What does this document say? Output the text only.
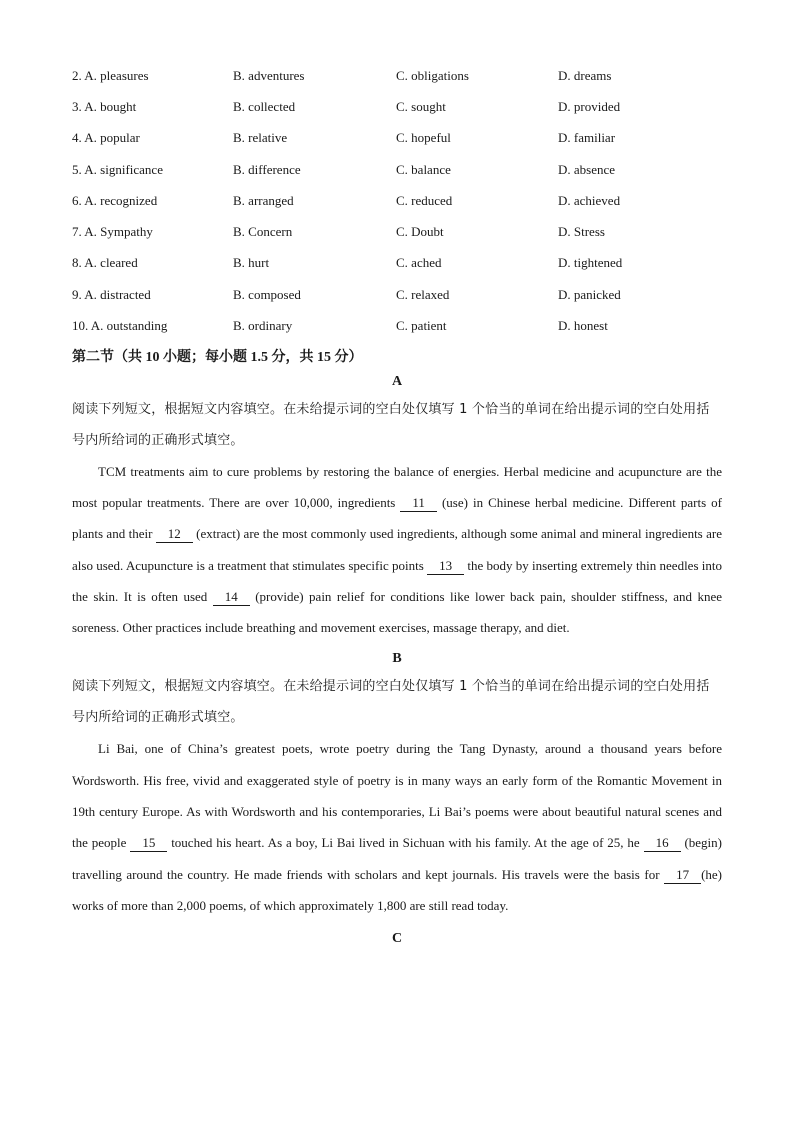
2. A. pleasures	B. adventures	C. obligations	D. dreams
3. A. bought	B. collected	C. sought	D. provided
4. A. popular	B. relative	C. hopeful	D. familiar
5. A. significance	B. difference	C. balance	D. absence
6. A. recognized	B. arranged	C. reduced	D. achieved
7. A. Sympathy	B. Concern	C. Doubt	D. Stress
8. A. cleared	B. hurt	C. ached	D. tightened
9. A. distracted	B. composed	C. relaxed	D. panicked
10. A. outstanding	B. ordinary	C. patient	D. honest
第二节（共 10 小题；每小题 1.5 分，共 15 分）
A
阅读下列短文，根据短文内容填空。在未给提示词的空白处仅填写 1 个恰当的单词在给出提示词的空白处用括号内所给词的正确形式填空。
TCM treatments aim to cure problems by restoring the balance of energies. Herbal medicine and acupuncture are the most popular treatments. There are over 10,000, ingredients 11 (use) in Chinese herbal medicine. Different parts of plants and their 12 (extract) are the most commonly used ingredients, although some animal and mineral ingredients are also used. Acupuncture is a treatment that stimulates specific points 13 the body by inserting extremely thin needles into the skin. It is often used 14 (provide) pain relief for conditions like lower back pain, shoulder stiffness, and knee soreness. Other practices include breathing and movement exercises, massage therapy, and diet.
B
阅读下列短文，根据短文内容填空。在未给提示词的空白处仅填写 1 个恰当的单词在给出提示词的空白处用括号内所给词的正确形式填空。
Li Bai, one of China’s greatest poets, wrote poetry during the Tang Dynasty, around a thousand years before Wordsworth. His free, vivid and exaggerated style of poetry is in many ways an early form of the Romantic Movement in 19th century Europe. As with Wordsworth and his contemporaries, Li Bai’s poems were about beautiful natural scenes and the people 15 touched his heart. As a boy, Li Bai lived in Sichuan with his family. At the age of 25, he 16 (begin) travelling around the country. He made friends with scholars and kept journals. His travels were the basis for 17 (he) works of more than 2,000 poems, of which approximately 1,800 are still read today.
C
